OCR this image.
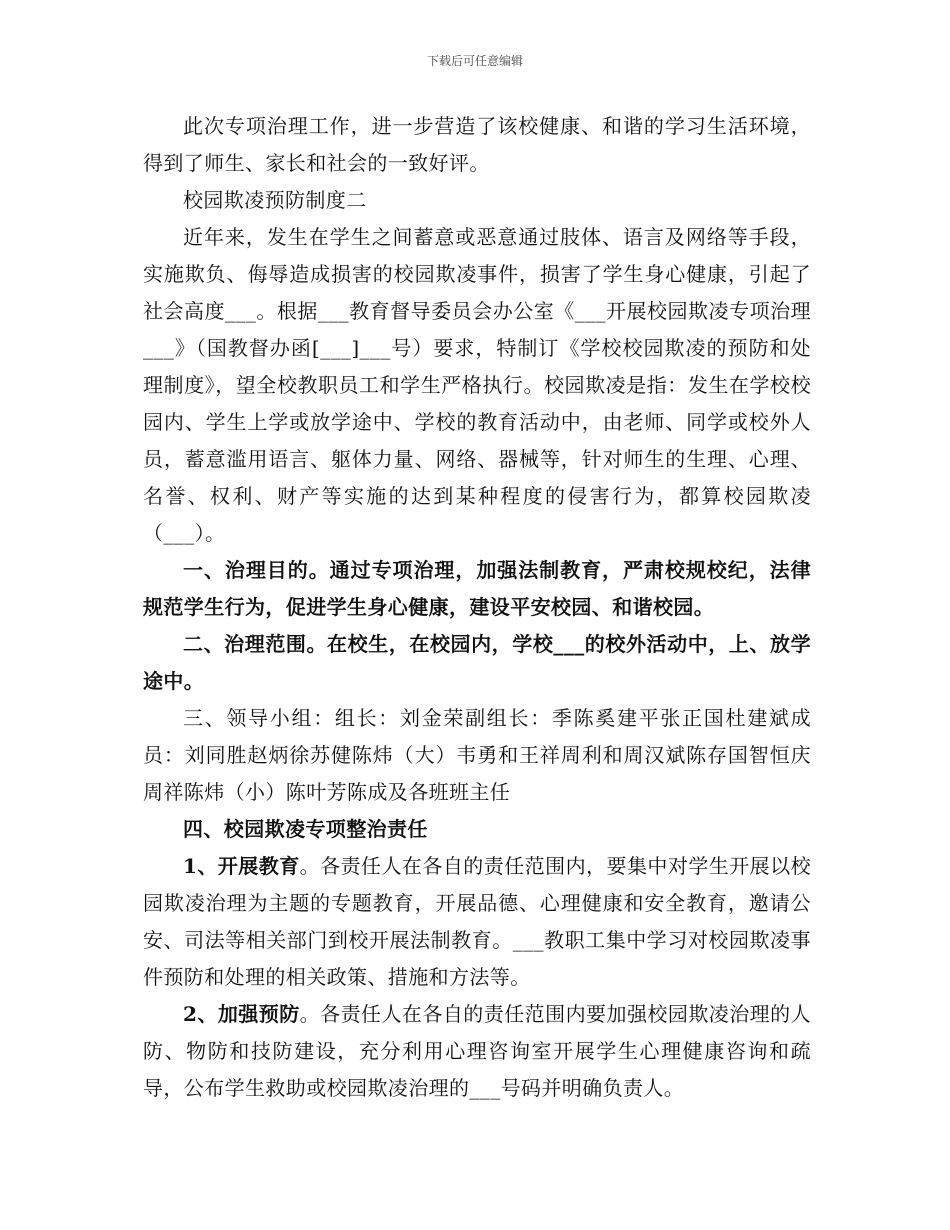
下载后可任意编辑

此次专项治理工作，进一步营造了该校健康、和谐的学习生活环境，得到了师生、家长和社会的一致好评。

校园欺凌预防制度二

近年来，发生在学生之间蓄意或恶意通过肢体、语言及网络等手段，实施欺负、侮辱造成损害的校园欺凌事件，损害了学生身心健康，引起了社会高度___。根据___教育督导委员会办公室《___开展校园欺凌专项治理___》（国教督办函[___]___号）要求，特制订《学校校园欺凌的预防和处理制度》，望全校教职员工和学生严格执行。校园欺凌是指：发生在学校校园内、学生上学或放学途中、学校的教育活动中，由老师、同学或校外人员，蓄意滥用语言、躯体力量、网络、器械等，针对师生的生理、心理、名誉、权利、财产等实施的达到某种程度的侵害行为，都算校园欺凌（___）。

一、治理目的。通过专项治理，加强法制教育，严肃校规校纪，法律规范学生行为，促进学生身心健康，建设平安校园、和谐校园。

二、治理范围。在校生，在校园内，学校___的校外活动中，上、放学途中。

三、领导小组：组长：刘金荣副组长：季陈奚建平张正国杜建斌成员：刘同胜赵炳徐苏健陈炜（大）韦勇和王祥周利和周汉斌陈存国智恒庆周祥陈炜（小）陈叶芳陈成及各班班主任

四、校园欺凌专项整治责任

1、开展教育。各责任人在各自的责任范围内，要集中对学生开展以校园欺凌治理为主题的专题教育，开展品德、心理健康和安全教育，邀请公安、司法等相关部门到校开展法制教育。___教职工集中学习对校园欺凌事件预防和处理的相关政策、措施和方法等。

2、加强预防。各责任人在各自的责任范围内要加强校园欺凌治理的人防、物防和技防建设，充分利用心理咨询室开展学生心理健康咨询和疏导，公布学生救助或校园欺凌治理的___号码并明确负责人。
